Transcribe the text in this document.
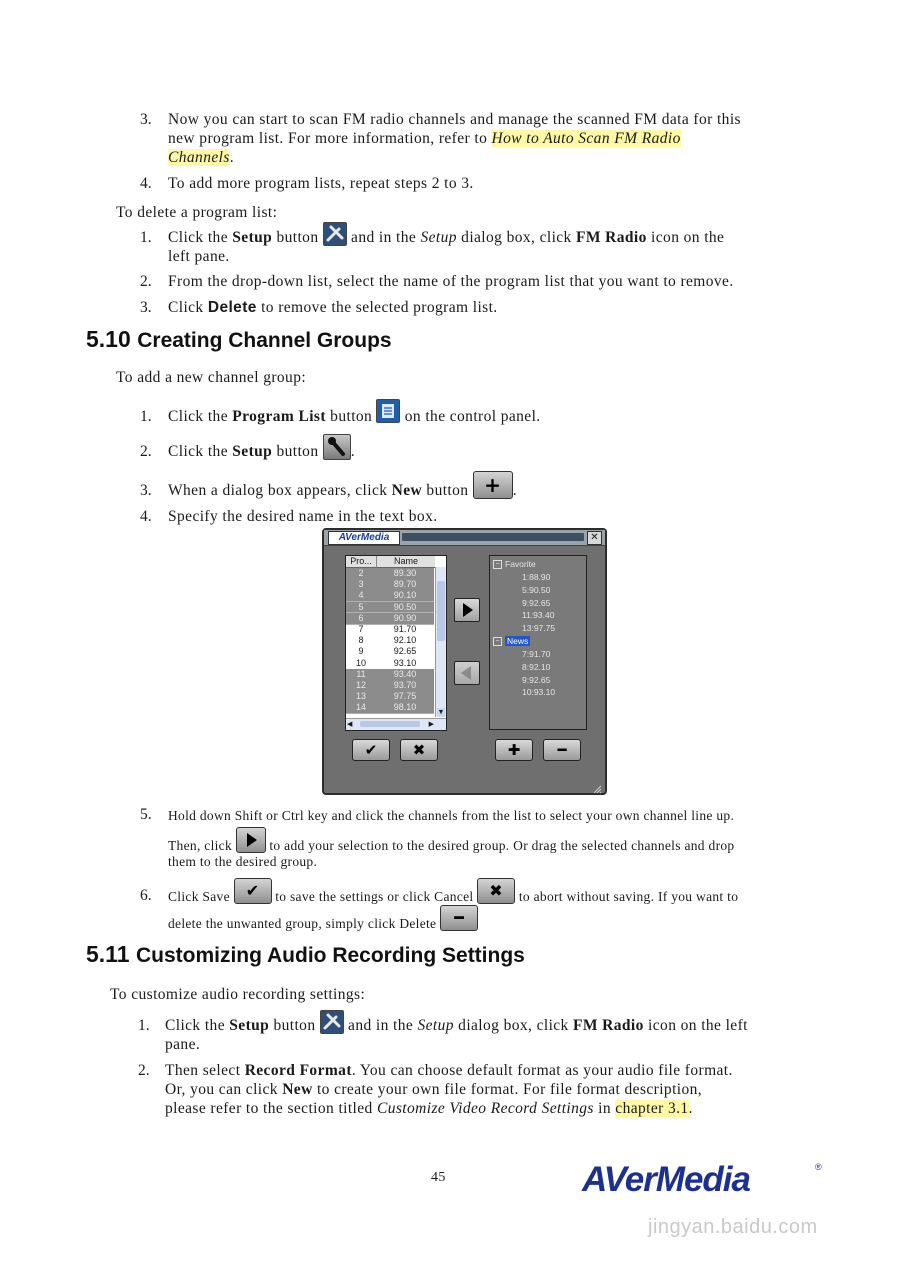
3. Now you can start to scan FM radio channels and manage the scanned FM data for this
new program list. For more information, refer to How to Auto Scan FM Radio
Channels.
4. To add more program lists, repeat steps 2 to 3.
To delete a program list:
1. Click the Setup button  and in the Setup dialog box, click FM Radio icon on the
left pane.
2. From the drop-down list, select the name of the program list that you want to remove.
3. Click Delete to remove the selected program list.
5.10 Creating Channel Groups
To add a new channel group:
1. Click the Program List button  on the control panel.
2. Click the Setup button .
3. When a dialog box appears, click New button + .
4. Specify the desired name in the text box.
AVerMedia	✕
Pro...	Name
2	89.30
3	89.70
4	90.10
5	90.50
6	90.90
7	91.70
8	92.10
9	92.65
10	93.10
11	93.40
12	93.70
13	97.75
14	98.10
▼
◀	▶
− Favorite
1:88.90
5:90.50
9:92.65
11:93.40
13:97.75
− News
7:91.70
8:92.10
9:92.65
10:93.10
✔	✖	✚	━
5. Hold down Shift or Ctrl key and click the channels from the list to select your own channel line up.
Then, click  to add your selection to the desired group. Or drag the selected channels and drop
them to the desired group.
6. Click Save ✔ to save the settings or click Cancel ✖ to abort without saving. If you want to
delete the unwanted group, simply click Delete ━
5.11 Customizing Audio Recording Settings
To customize audio recording settings:
1. Click the Setup button  and in the Setup dialog box, click FM Radio icon on the left
pane.
2. Then select Record Format. You can choose default format as your audio file format.
Or, you can click New to create your own file format. For file format description,
please refer to the section titled Customize Video Record Settings in chapter 3.1.
45	AVerMedia	®
jingyan.baidu.com
